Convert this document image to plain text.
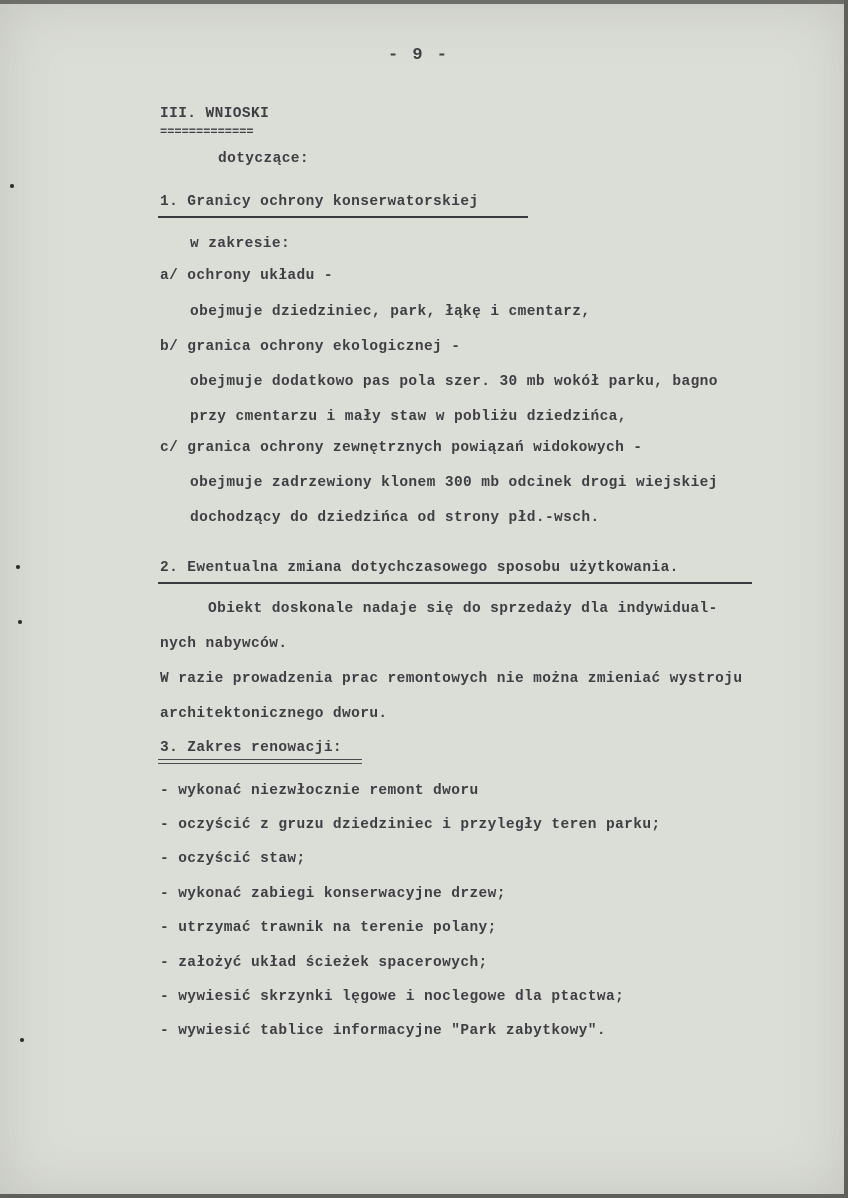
- 9 -
III. WNIOSKI
=============
dotyczące:
1. Granicy ochrony konserwatorskiej
w zakresie:
a/ ochrony układu -
obejmuje dziedziniec, park, łąkę i cmentarz,
b/ granica ochrony ekologicznej -
obejmuje dodatkowo pas pola szer. 30 mb wokół parku, bagno
przy cmentarzu i mały staw w pobliżu dziedzińca,
c/ granica ochrony zewnętrznych powiązań widokowych -
obejmuje zadrzewiony klonem 300 mb odcinek drogi wiejskiej
dochodzący do dziedzińca od strony płd.-wsch.
2. Ewentualna zmiana dotychczasowego sposobu użytkowania.
Obiekt doskonale nadaje się do sprzedaży dla indywidual-
nych nabywców.
W razie prowadzenia prac remontowych nie można zmieniać wystroju
architektonicznego dworu.
3. Zakres renowacji:
- wykonać niezwłocznie remont dworu
- oczyścić z gruzu dziedziniec i przyległy teren parku;
- oczyścić staw;
- wykonać zabiegi konserwacyjne drzew;
- utrzymać trawnik na terenie polany;
- założyć układ ścieżek spacerowych;
- wywiesić skrzynki lęgowe i noclegowe dla ptactwa;
- wywiesić tablice informacyjne "Park zabytkowy".
